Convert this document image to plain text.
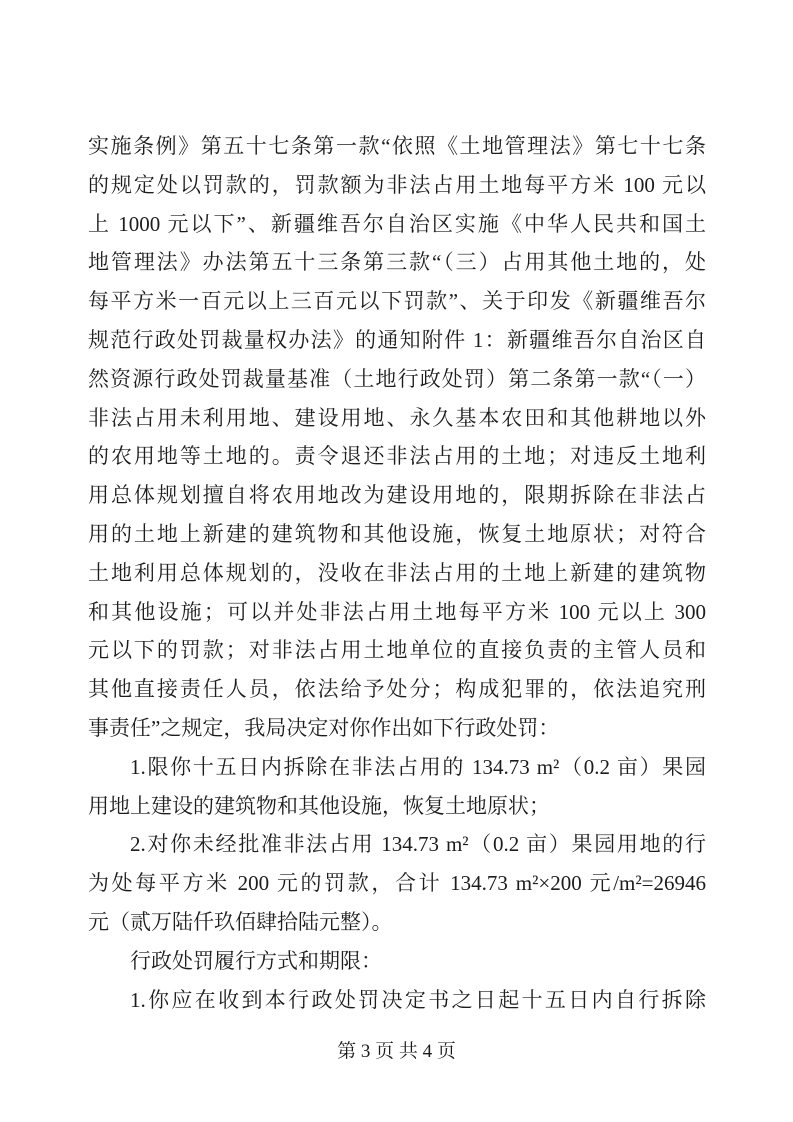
实施条例》第五十七条第一款“依照《土地管理法》第七十七条
的规定处以罚款的，罚款额为非法占用土地每平方米 100 元以
上 1000 元以下”、新疆维吾尔自治区实施《中华人民共和国土
地管理法》办法第五十三条第三款“（三）占用其他土地的，处
每平方米一百元以上三百元以下罚款”、关于印发《新疆维吾尔
规范行政处罚裁量权办法》的通知附件 1：新疆维吾尔自治区自
然资源行政处罚裁量基准（土地行政处罚）第二条第一款“（一）
非法占用未利用地、建设用地、永久基本农田和其他耕地以外
的农用地等土地的。责令退还非法占用的土地；对违反土地利
用总体规划擅自将农用地改为建设用地的，限期拆除在非法占
用的土地上新建的建筑物和其他设施，恢复土地原状；对符合
土地利用总体规划的，没收在非法占用的土地上新建的建筑物
和其他设施；可以并处非法占用土地每平方米 100 元以上 300
元以下的罚款；对非法占用土地单位的直接负责的主管人员和
其他直接责任人员，依法给予处分；构成犯罪的，依法追究刑
事责任”之规定，我局决定对你作出如下行政处罚：
1.限你十五日内拆除在非法占用的 134.73 m²（0.2 亩）果园
用地上建设的建筑物和其他设施，恢复土地原状；
2.对你未经批准非法占用 134.73 m²（0.2 亩）果园用地的行
为处每平方米 200 元的罚款，合计 134.73 m²×200 元/m²=26946
元（贰万陆仟玖佰肆拾陆元整）。
行政处罚履行方式和期限：
1.你应在收到本行政处罚决定书之日起十五日内自行拆除
第 3 页 共 4 页
